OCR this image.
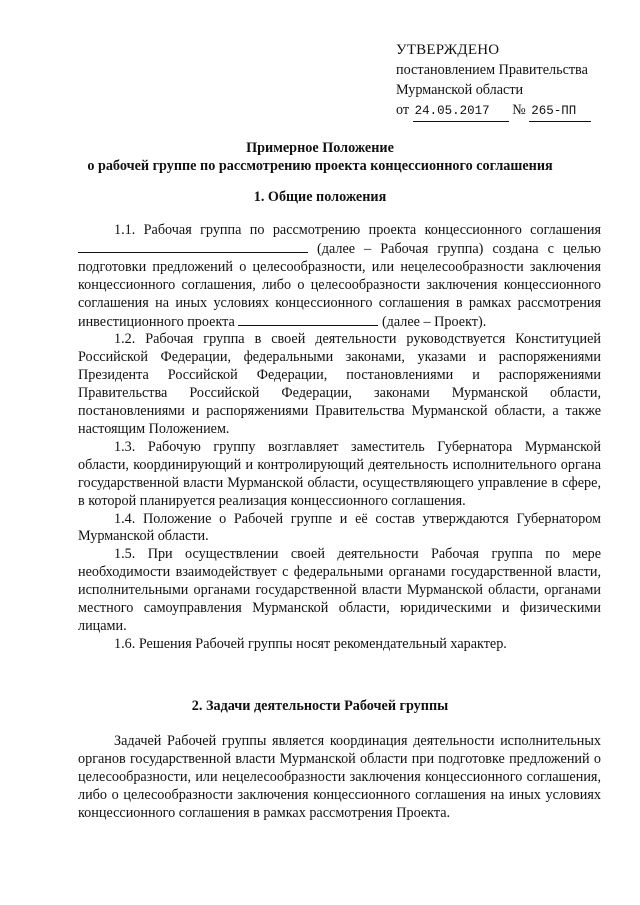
УТВЕРЖДЕНО
постановлением Правительства
Мурманской области
от 24.05.2017 № 265-ПП
Примерное Положение
о рабочей группе по рассмотрению проекта концессионного соглашения
1. Общие положения

1.1. Рабочая группа по рассмотрению проекта концессионного соглашения  (далее – Рабочая группа) создана с целью подготовки предложений о целесообразности, или нецелесообразности заключения концессионного соглашения, либо о целесообразности заключения концессионного соглашения на иных условиях концессионного соглашения в рамках рассмотрения инвестиционного проекта	(далее – Проект).

1.2. Рабочая группа в своей деятельности руководствуется Конституцией Российской Федерации, федеральными законами, указами и распоряжениями Президента Российской Федерации, постановлениями и распоряжениями Правительства Российской Федерации, законами Мурманской области, постановлениями и распоряжениями Правительства Мурманской области, а также настоящим Положением.

1.3. Рабочую группу возглавляет заместитель Губернатора Мурманской области, координирующий и контролирующий деятельность исполнительного органа государственной власти Мурманской области, осуществляющего управление в сфере, в которой планируется реализация концессионного соглашения.

1.4. Положение о Рабочей группе и её состав утверждаются Губернатором Мурманской области.

1.5. При осуществлении своей деятельности Рабочая группа по мере необходимости взаимодействует с федеральными органами государственной власти, исполнительными органами государственной власти Мурманской области, органами местного самоуправления Мурманской области, юридическими и физическими лицами.

1.6. Решения Рабочей группы носят рекомендательный характер.

2. Задачи деятельности Рабочей группы

Задачей Рабочей группы является координация деятельности исполнительных органов государственной власти Мурманской области при подготовке предложений о целесообразности, или нецелесообразности заключения концессионного соглашения, либо о целесообразности заключения концессионного соглашения на иных условиях концессионного соглашения в рамках рассмотрения Проекта.
